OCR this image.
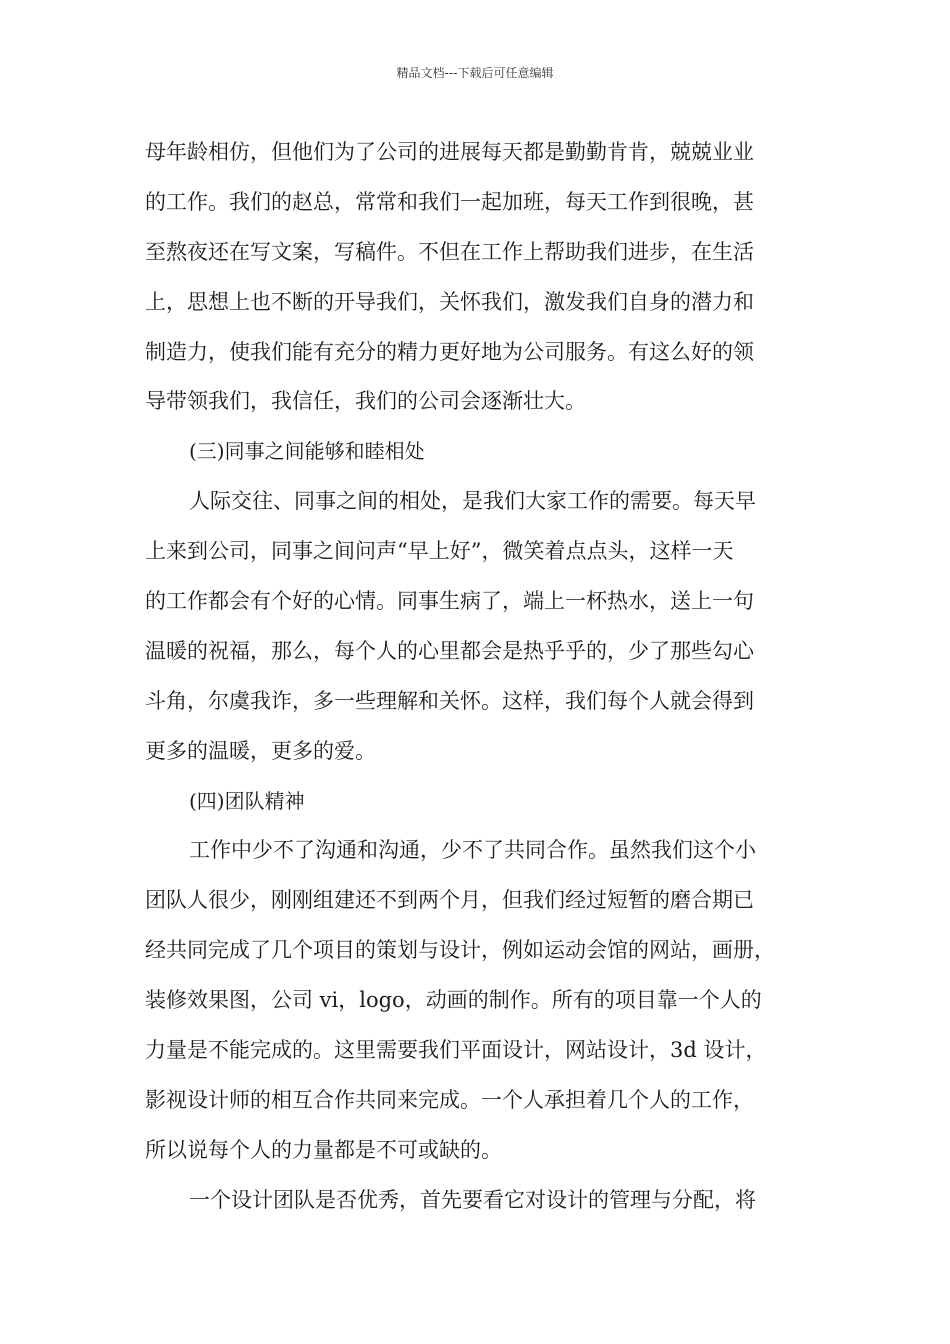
精品文档---下载后可任意编辑
母年龄相仿，但他们为了公司的进展每天都是勤勤肯肯，兢兢业业
的工作。我们的赵总，常常和我们一起加班，每天工作到很晚，甚
至熬夜还在写文案，写稿件。不但在工作上帮助我们进步，在生活
上，思想上也不断的开导我们，关怀我们，激发我们自身的潜力和
制造力，使我们能有充分的精力更好地为公司服务。有这么好的领
导带领我们，我信任，我们的公司会逐渐壮大。
(三)同事之间能够和睦相处
人际交往、同事之间的相处，是我们大家工作的需要。每天早
上来到公司，同事之间问声“早上好”，微笑着点点头，这样一天
的工作都会有个好的心情。同事生病了，端上一杯热水，送上一句
温暖的祝福，那么，每个人的心里都会是热乎乎的，少了那些勾心
斗角，尔虞我诈，多一些理解和关怀。这样，我们每个人就会得到
更多的温暖，更多的爱。
(四)团队精神
工作中少不了沟通和沟通，少不了共同合作。虽然我们这个小
团队人很少，刚刚组建还不到两个月，但我们经过短暂的磨合期已
经共同完成了几个项目的策划与设计，例如运动会馆的网站，画册，
装修效果图，公司 vi，logo，动画的制作。所有的项目靠一个人的
力量是不能完成的。这里需要我们平面设计，网站设计，3d 设计，
影视设计师的相互合作共同来完成。一个人承担着几个人的工作，
所以说每个人的力量都是不可或缺的。
一个设计团队是否优秀，首先要看它对设计的管理与分配，将
